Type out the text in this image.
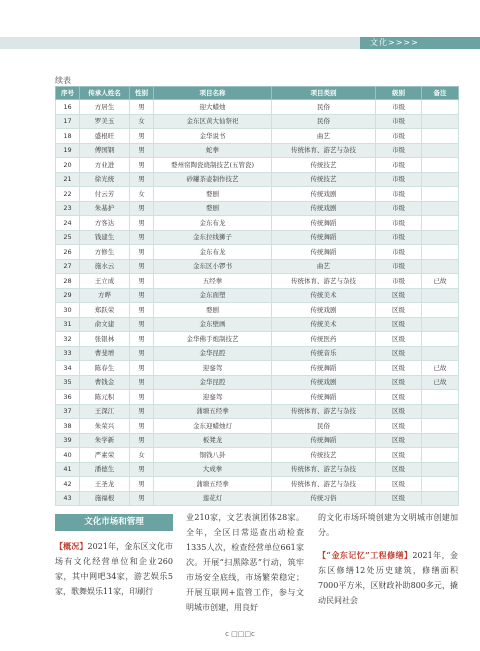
文化>>>>
续表
序号	传承人姓名	性别	项目名称	项目类别	级别	备注
16	方居生	男	迎大蜡烛	民俗	市级	
17	罗美玉	女	金东区黄大仙祭祀	民俗	市级	
18	盛根旺	男	金华说书	曲艺	市级	
19	傅国钢	男	蛇拳	传统体育、游艺与杂技	市级	
20	方业进	男	婺州窑陶瓷烧制技艺(五管瓷)	传统技艺	市级	
21	徐光统	男	砂罐茶壶制作技艺	传统技艺	市级	
22	付云芳	女	婺剧	传统戏剧	市级	
23	朱基护	男	婺剧	传统戏剧	市级	
24	方客达	男	金东布龙	传统舞蹈	市级	
25	钱建生	男	金东拉线狮子	传统舞蹈	市级	
26	方修生	男	金东布龙	传统舞蹈	市级	
27	施水云	男	金东区小锣书	曲艺	市级	
28	王立成	男	五经拳	传统体育、游艺与杂技	市级	已故
29	方晔	男	金东面塑	传统美术	区级	
30	郑跃荣	男	婺剧	传统戏剧	区级	
31	俞文建	男	金东壁画	传统美术	区级	
32	张银林	男	金华佛手炮制技艺	传统医药	区级	
33	曹斐增	男	金华昆腔	传统音乐	区级	
34	陈春生	男	迎銮驾	传统舞蹈	区级	已故
35	曹钱金	男	金华昆腔	传统戏剧	区级	已故
36	陈元积	男	迎銮驾	传统舞蹈	区级	
37	王深江	男	蒲塘五经拳	传统体育、游艺与杂技	区级	
38	朱荣兴	男	金东迎蜡烛灯	民俗	区级	
39	朱学新	男	板凳龙	传统舞蹈	区级	
40	严素荣	女	铜钱八卦	传统技艺	区级	
41	潘德生	男	大成拳	传统体育、游艺与杂技	区级	
42	王圣龙	男	蒲塘五经拳	传统体育、游艺与杂技	区级	
43	施福根	男	莲花灯	传统习俗	区级	
文化市场和管理
【概况】2021年，金东区文化市场有文化经营单位和企业260家，其中网吧34家，游艺娱乐5家，歌舞娱乐11家，印刷行
业210家，文艺表演团体28家。全年，全区日常巡查出动检查1335人次，检查经营单位661家次。开展“扫黑除恶”行动，筑牢市场安全底线，市场繁荣稳定；开展互联网+监管工作，参与文明城市创建，用良好
的文化市场环境创建为文明城市创建加分。
【“金东记忆”工程修缮】2021年，金东区修缮12处历史建筑，修缮面积7000平方米，区财政补助800多元，撬动民间社会
c □□□c
